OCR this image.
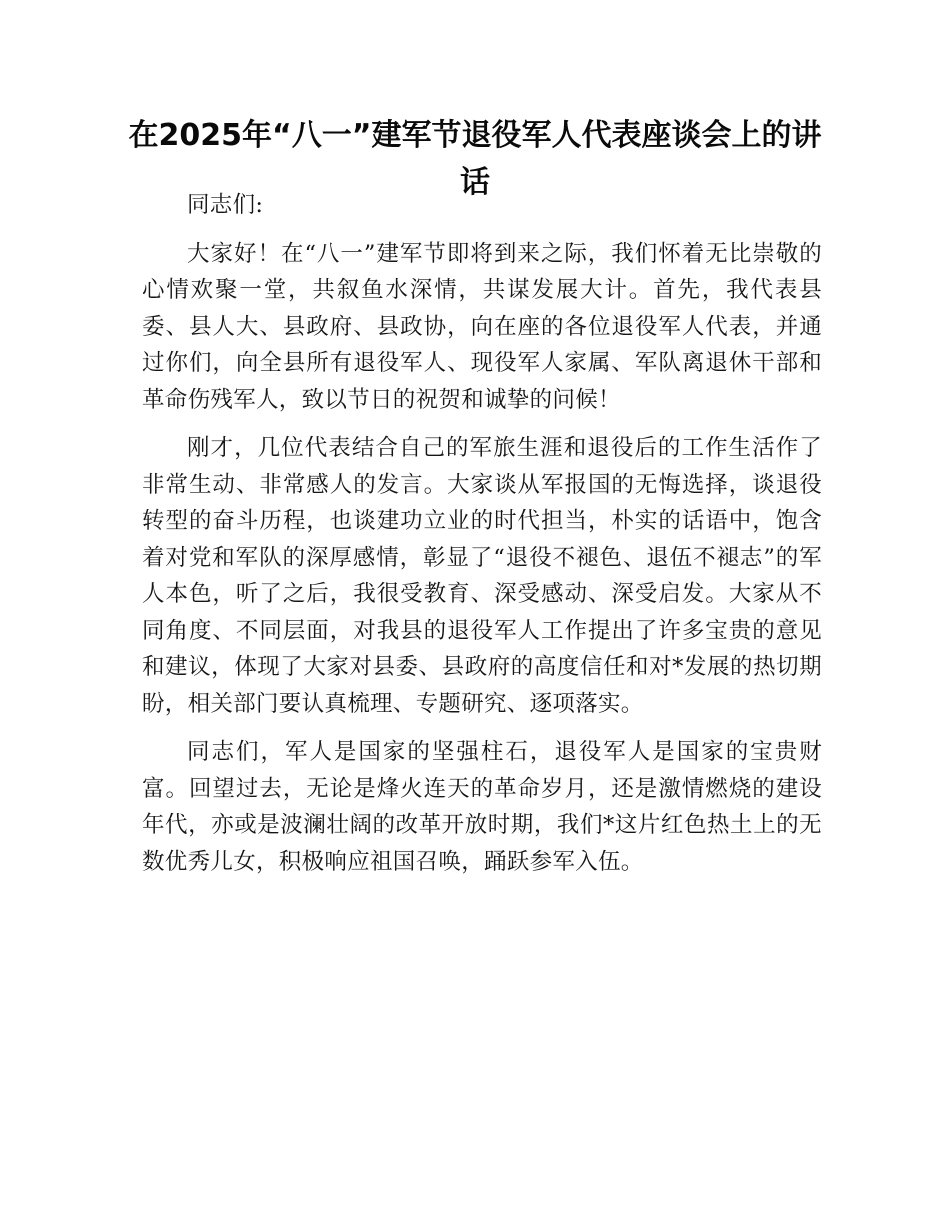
在2025年“八一”建军节退役军人代表座谈会上的讲话

同志们:

大家好！在“八一”建军节即将到来之际，我们怀着无比崇敬的心情欢聚一堂，共叙鱼水深情，共谋发展大计。首先，我代表县委、县人大、县政府、县政协，向在座的各位退役军人代表，并通过你们，向全县所有退役军人、现役军人家属、军队离退休干部和革命伤残军人，致以节日的祝贺和诚挚的问候！

刚才，几位代表结合自己的军旅生涯和退役后的工作生活作了非常生动、非常感人的发言。大家谈从军报国的无悔选择，谈退役转型的奋斗历程，也谈建功立业的时代担当，朴实的话语中，饱含着对党和军队的深厚感情，彰显了“退役不褪色、退伍不褪志”的军人本色，听了之后，我很受教育、深受感动、深受启发。大家从不同角度、不同层面，对我县的退役军人工作提出了许多宝贵的意见和建议，体现了大家对县委、县政府的高度信任和对*发展的热切期盼，相关部门要认真梳理、专题研究、逐项落实。

同志们，军人是国家的坚强柱石，退役军人是国家的宝贵财富。回望过去，无论是烽火连天的革命岁月，还是激情燃烧的建设年代，亦或是波澜壮阔的改革开放时期，我们*这片红色热土上的无数优秀儿女，积极响应祖国召唤，踊跃参军入伍。
